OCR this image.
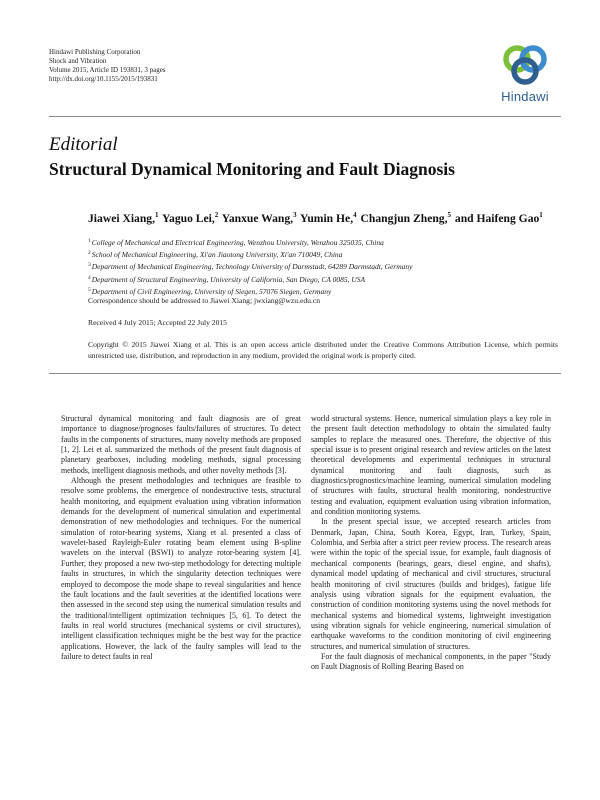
Hindawi Publishing Corporation
Shock and Vibration
Volume 2015, Article ID 193831, 3 pages
http://dx.doi.org/10.1155/2015/193831
Hindawi
Editorial
Structural Dynamical Monitoring and Fault Diagnosis
Jiawei Xiang,$^1$ Yaguo Lei,$^2$ Yanxue Wang,$^3$ Yumin He,$^4$ Changjun Zheng,$^5$ and Haifeng Gao$^1$
$^1$College of Mechanical and Electrical Engineering, Wenzhou University, Wenzhou 325035, China
$^2$School of Mechanical Engineering, Xi'an Jiaotong University, Xi'an 710049, China
$^3$Department of Mechanical Engineering, Technology University of Darmstadt, 64289 Darmstadt, Germany
$^4$Department of Structural Engineering, University of California, San Diego, CA 0085, USA
$^5$Department of Civil Engineering, University of Siegen, 57076 Siegen, Germany
Correspondence should be addressed to Jiawei Xiang; jwxiang@wzu.edu.cn
Received 4 July 2015; Accepted 22 July 2015
Copyright © 2015 Jiawei Xiang et al. This is an open access article distributed under the Creative Commons Attribution License, which permits unrestricted use, distribution, and reproduction in any medium, provided the original work is properly cited.

Structural dynamical monitoring and fault diagnosis are of great importance to diagnose/prognoses faults/failures of structures. To detect faults in the components of structures, many novelty methods are proposed [1, 2]. Lei et al. summarized the methods of the present fault diagnosis of planetary gearboxes, including modeling methods, signal processing methods, intelligent diagnosis methods, and other novelty methods [3].

Although the present methodologies and techniques are feasible to resolve some problems, the emergence of nondestructive tests, structural health monitoring, and equipment evaluation using vibration information demands for the development of numerical simulation and experimental demonstration of new methodologies and techniques. For the numerical simulation of rotor-bearing systems, Xiang et al. presented a class of wavelet-based Rayleigh-Euler rotating beam element using B-spline wavelets on the interval (BSWI) to analyze rotor-bearing system [4]. Further, they proposed a new two-step methodology for detecting multiple faults in structures, in which the singularity detection techniques were employed to decompose the mode shape to reveal singularities and hence the fault locations and the fault severities at the identified locations were then assessed in the second step using the numerical simulation results and the traditional/intelligent optimization techniques [5, 6]. To detect the faults in real world structures (mechanical systems or civil structures), intelligent classification techniques might be the best way for the practice applications. However, the lack of the faulty samples will lead to the failure to detect faults in real

world structural systems. Hence, numerical simulation plays a key role in the present fault detection methodology to obtain the simulated faulty samples to replace the measured ones. Therefore, the objective of this special issue is to present original research and review articles on the latest theoretical developments and experimental techniques in structural dynamical monitoring and fault diagnosis, such as diagnostics/prognostics/machine learning, numerical simulation modeling of structures with faults, structural health monitoring, nondestructive testing and evaluation, equipment evaluation using vibration information, and condition monitoring systems.

In the present special issue, we accepted research articles from Denmark, Japan, China, South Korea, Egypt, Iran, Turkey, Spain, Colombia, and Serbia after a strict peer review process. The research areas were within the topic of the special issue, for example, fault diagnosis of mechanical components (bearings, gears, diesel engine, and shafts), dynamical model updating of mechanical and civil structures, structural health monitoring of civil structures (builds and bridges), fatigue life analysis using vibration signals for the equipment evaluation, the construction of condition monitoring systems using the novel methods for mechanical systems and biomedical systems, lightweight investigation using vibration signals for vehicle engineering, numerical simulation of earthquake waveforms to the condition monitoring of civil engineering structures, and numerical simulation of structures.

For the fault diagnosis of mechanical components, in the paper "Study on Fault Diagnosis of Rolling Bearing Based on
